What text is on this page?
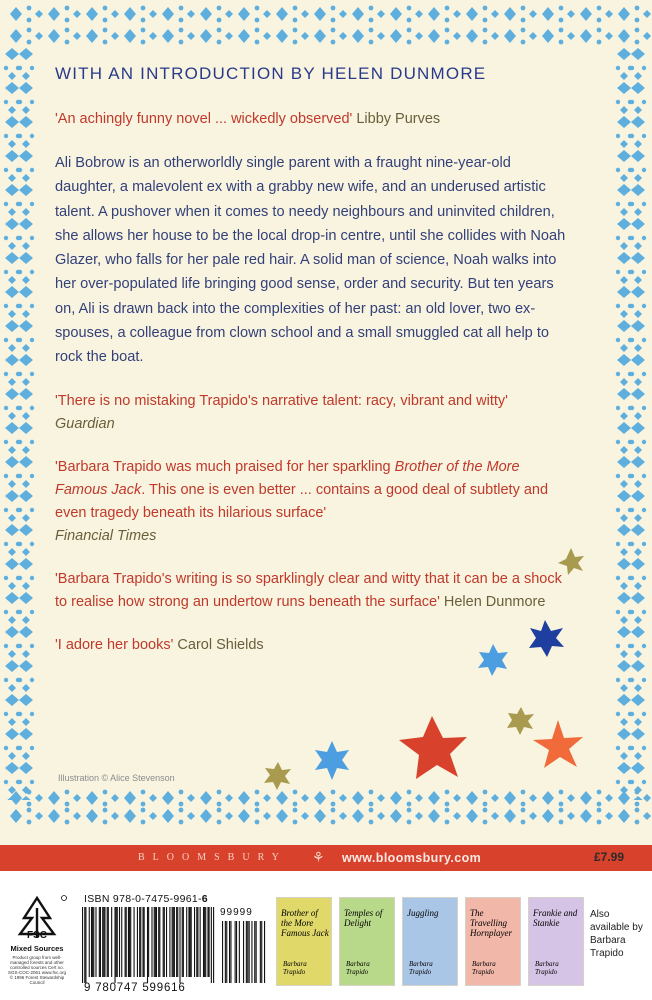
WITH AN INTRODUCTION BY HELEN DUNMORE
'An achingly funny novel ... wickedly observed' Libby Purves

Ali Bobrow is an otherworldly single parent with a fraught nine-year-old daughter, a malevolent ex with a grabby new wife, and an underused artistic talent. A pushover when it comes to needy neighbours and uninvited children, she allows her house to be the local drop-in centre, until she collides with Noah Glazer, who falls for her pale red hair. A solid man of science, Noah walks into her over-populated life bringing good sense, order and security. But ten years on, Ali is drawn back into the complexities of her past: an old lover, two ex-spouses, a colleague from clown school and a small smuggled cat all help to rock the boat.

'There is no mistaking Trapido's narrative talent: racy, vibrant and witty'
Guardian
'Barbara Trapido was much praised for her sparkling Brother of the More Famous Jack. This one is even better ... contains a good deal of subtlety and even tragedy beneath its hilarious surface'
Financial Times
'Barbara Trapido's writing is so sparklingly clear and witty that it can be a shock to realise how strong an undertow runs beneath the surface' Helen Dunmore
'I adore her books' Carol Shields
Illustration © Alice Stevenson
BLOOMSBURY ⚘ www.bloomsbury.com	£7.99
FSC
Mixed Sources
Product group from well-managed forests and other controlled sources Cert no. SGS-COC-2061 www.fsc.org © 1996 Forest Stewardship Council
ISBN 978-0-7475-9961-6
99999
9 780747 599616
Brother of the More Famous Jack
Barbara Trapido
Temples of Delight
Barbara Trapido
Juggling
Barbara Trapido
The Travelling Hornplayer
Barbara Trapido
Frankie and Stankie
Barbara Trapido
Also available by Barbara Trapido
